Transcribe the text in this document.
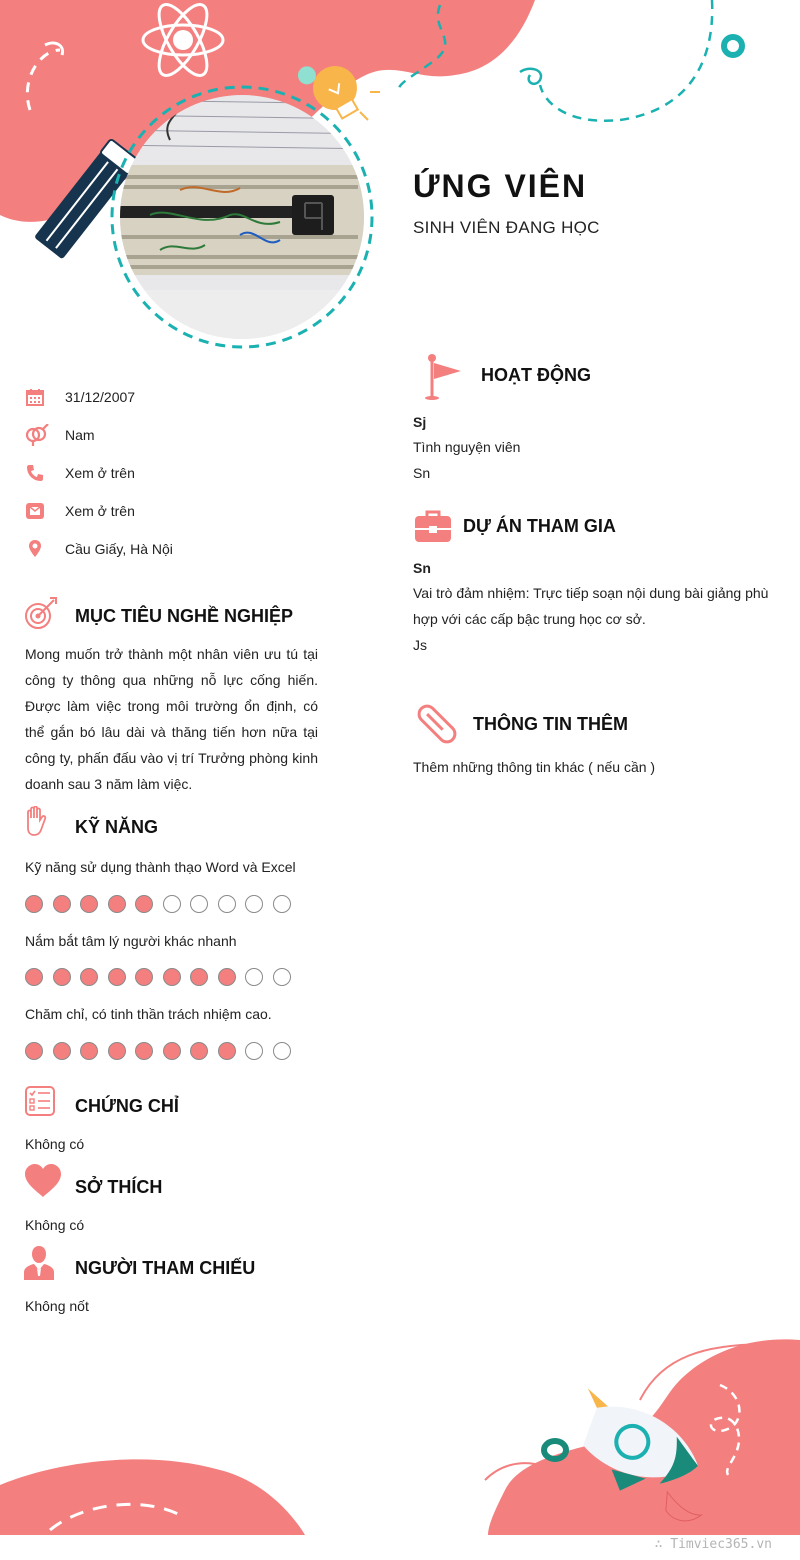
ỨNG VIÊN
SINH VIÊN ĐANG HỌC
31/12/2007
Nam
Xem ở trên
Xem ở trên
Cầu Giấy, Hà Nội
MỤC TIÊU NGHỀ NGHIỆP
Mong muốn trở thành một nhân viên ưu tú tại công ty thông qua những nỗ lực cống hiến. Được làm việc trong môi trường ổn định, có thể gắn bó lâu dài và thăng tiến hơn nữa tại công ty, phấn đấu vào vị trí Trưởng phòng kinh doanh sau 3 năm làm việc.
KỸ NĂNG
Kỹ năng sử dụng thành thạo Word và Excel
Nắm bắt tâm lý người khác nhanh
Chăm chỉ, có tinh thần trách nhiệm cao.
CHỨNG CHỈ
Không có
SỞ THÍCH
Không có
NGƯỜI THAM CHIẾU
Không nốt
HOẠT ĐỘNG
Sj
Tình nguyện viên
Sn
DỰ ÁN THAM GIA
Sn
Vai trò đảm nhiệm: Trực tiếp soạn nội dung bài giảng phù hợp với các cấp bậc trung học cơ sở.
Js
THÔNG TIN THÊM
Thêm những thông tin khác ( nếu cần )
∴ Timviec365.vn
